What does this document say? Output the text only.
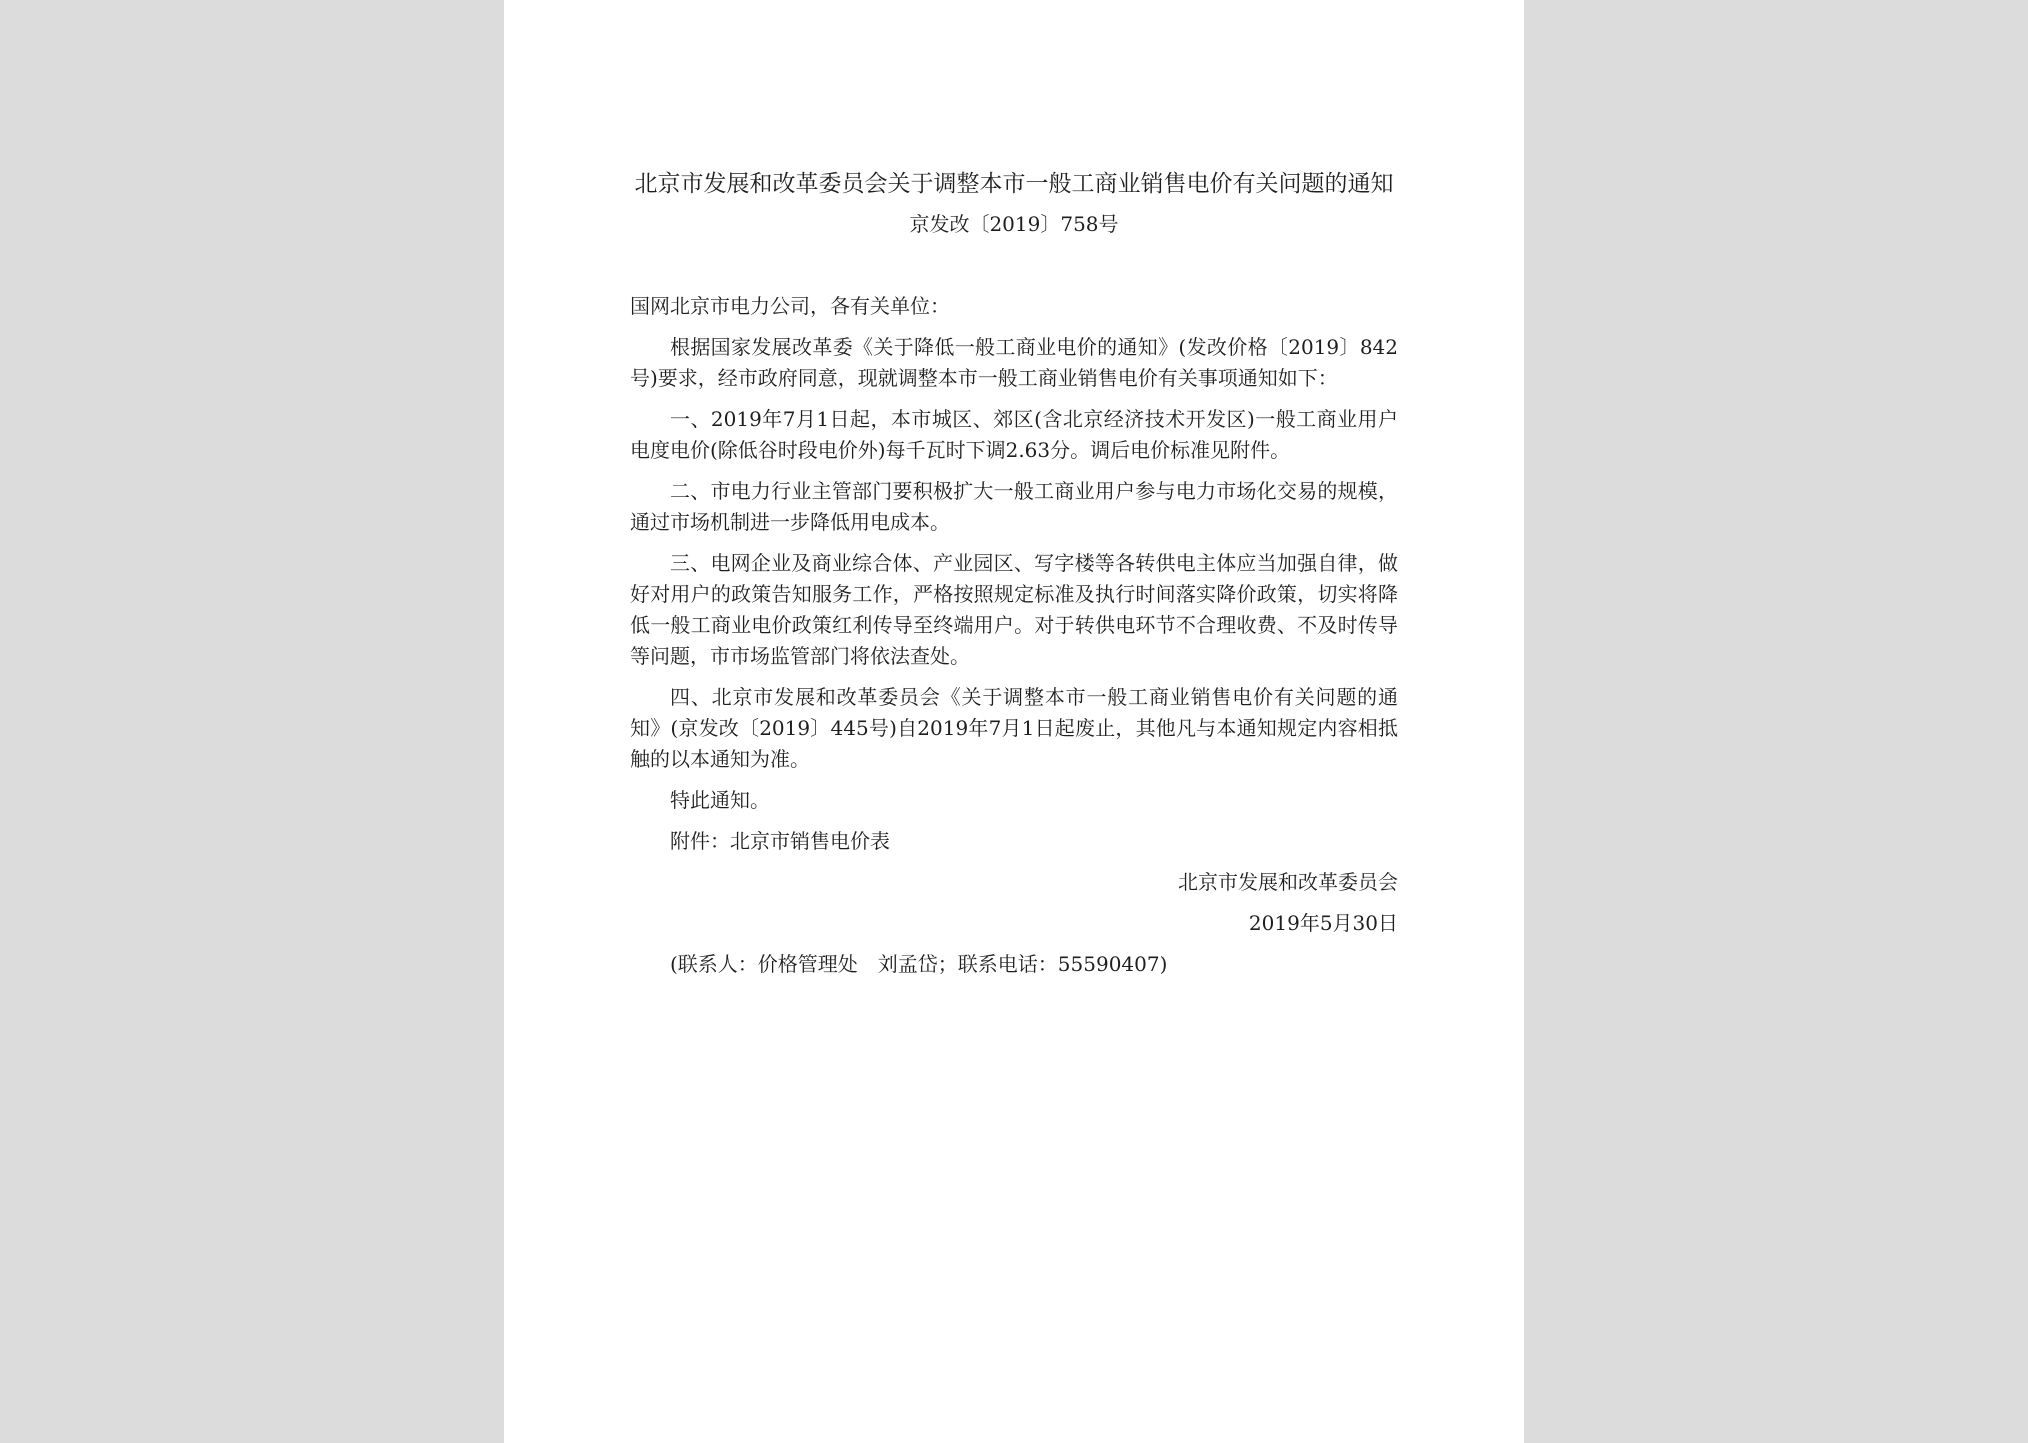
北京市发展和改革委员会关于调整本市一般工商业销售电价有关问题的通知

京发改〔2019〕758号

国网北京市电力公司，各有关单位：

根据国家发展改革委《关于降低一般工商业电价的通知》(发改价格〔2019〕842号)要求，经市政府同意，现就调整本市一般工商业销售电价有关事项通知如下：

一、2019年7月1日起，本市城区、郊区(含北京经济技术开发区)一般工商业用户电度电价(除低谷时段电价外)每千瓦时下调2.63分。调后电价标准见附件。

二、市电力行业主管部门要积极扩大一般工商业用户参与电力市场化交易的规模，通过市场机制进一步降低用电成本。

三、电网企业及商业综合体、产业园区、写字楼等各转供电主体应当加强自律，做好对用户的政策告知服务工作，严格按照规定标准及执行时间落实降价政策，切实将降低一般工商业电价政策红利传导至终端用户。对于转供电环节不合理收费、不及时传导等问题，市市场监管部门将依法查处。

四、北京市发展和改革委员会《关于调整本市一般工商业销售电价有关问题的通知》(京发改〔2019〕445号)自2019年7月1日起废止，其他凡与本通知规定内容相抵触的以本通知为准。

特此通知。

附件：北京市销售电价表

北京市发展和改革委员会

2019年5月30日

(联系人：价格管理处　刘孟岱；联系电话：55590407)
